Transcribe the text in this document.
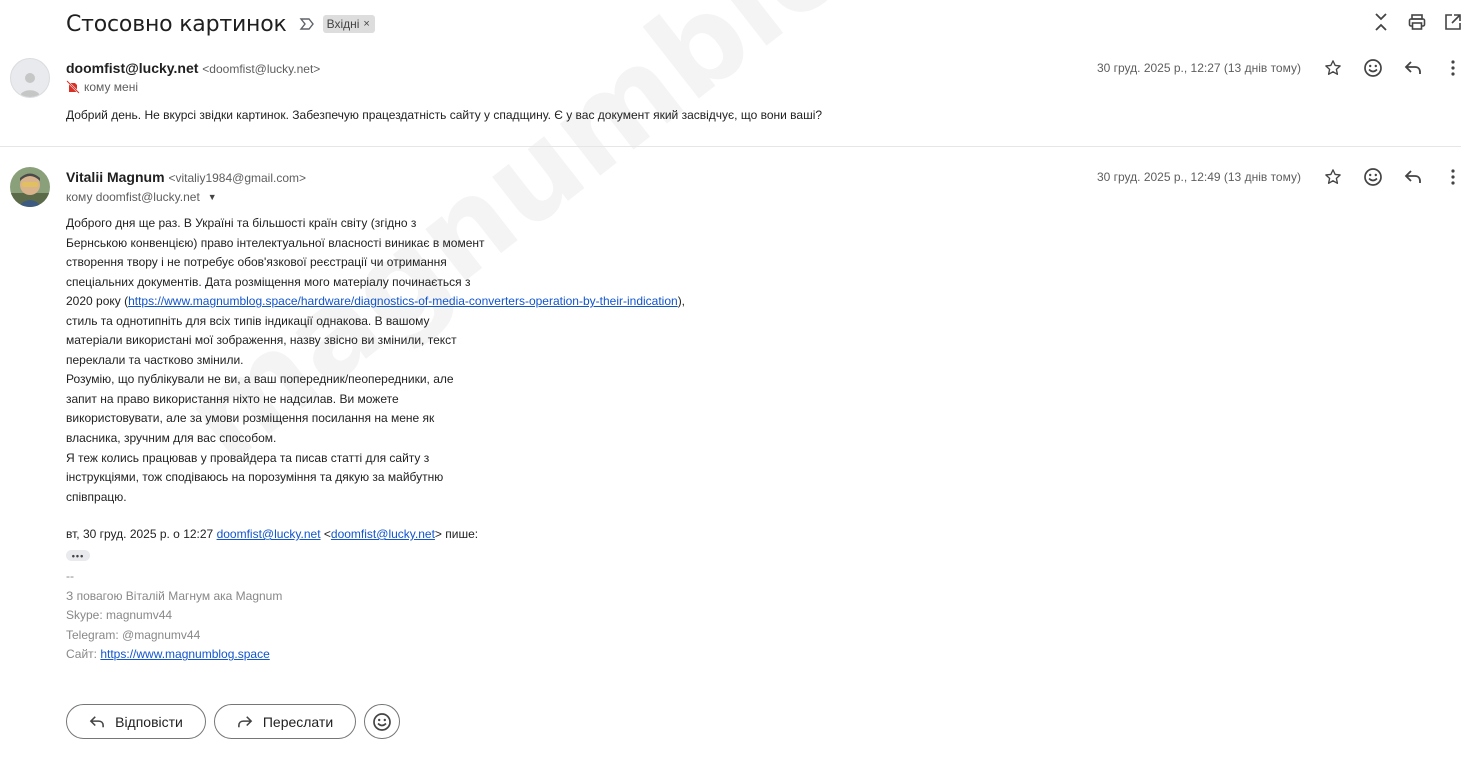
Стосовно картинок	Вхідні ×
doomfist@lucky.net <doomfist@lucky.net>
кому мені
30 груд. 2025 р., 12:27 (13 днів тому)
Добрий день. Не вкурсі звідки картинок. Забезпечую працездатність сайту у спадщину. Є у вас документ який засвідчує, що вони ваші?
Vitalii Magnum <vitaliy1984@gmail.com>
кому doomfist@lucky.net ▼
30 груд. 2025 р., 12:49 (13 днів тому)
Доброго дня ще раз. В Україні та більшості країн світу (згідно з
Бернською конвенцією) право інтелектуальної власності виникає в момент
створення твору і не потребує обов'язкової реєстрації чи отримання
спеціальних документів. Дата розміщення мого матеріалу починається з
2020 року (https://www.magnumblog.space/hardware/diagnostics-of-media-converters-operation-by-their-indication),
стиль та однотипніть для всіх типів індикації однакова. В вашому
матеріали використані мої зображення, назву звісно ви змінили, текст
переклали та частково змінили.
Розумію, що публікували не ви, а ваш попередник/пеопередники, але
запит на право використання ніхто не надсилав. Ви можете
використовувати, але за умови розміщення посилання на мене як
власника, зручним для вас способом.
Я теж колись працював у провайдера та писав статті для сайту з
інструкціями, тож сподіваюсь на порозуміння та дякую за майбутню
співпрацю.
вт, 30 груд. 2025 р. о 12:27 doomfist@lucky.net <doomfist@lucky.net> пише:
•••
--
З повагою Віталій Магнум ака Magnum
Skype: magnumv44
Telegram: @magnumv44
Сайт: https://www.magnumblog.space
Відповісти	Переслати
